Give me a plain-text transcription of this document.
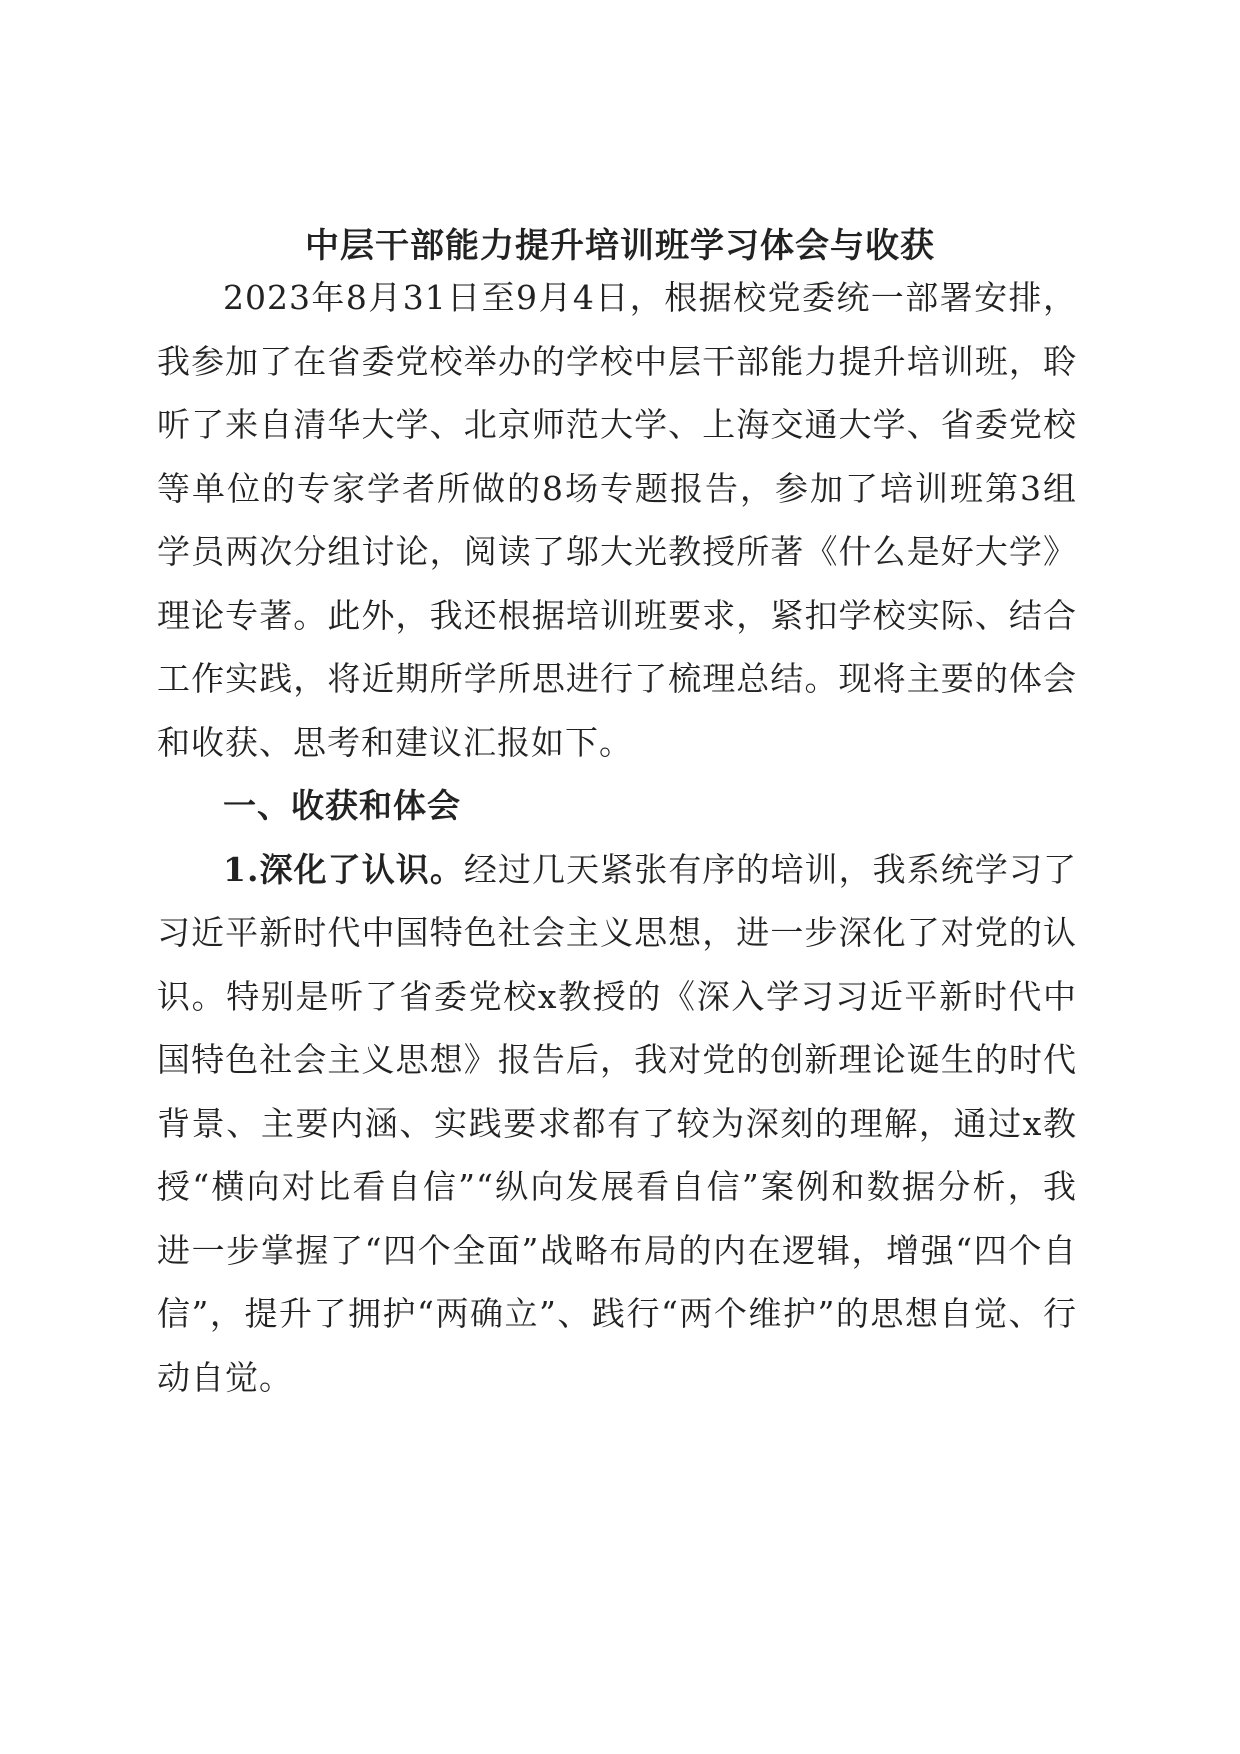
中层干部能力提升培训班学习体会与收获

2023年8月31日至9月4日，根据校党委统一部署安排，我参加了在省委党校举办的学校中层干部能力提升培训班，聆听了来自清华大学、北京师范大学、上海交通大学、省委党校等单位的专家学者所做的8场专题报告，参加了培训班第3组学员两次分组讨论，阅读了邬大光教授所著《什么是好大学》理论专著。此外，我还根据培训班要求，紧扣学校实际、结合工作实践，将近期所学所思进行了梳理总结。现将主要的体会和收获、思考和建议汇报如下。

一、收获和体会

1.深化了认识。经过几天紧张有序的培训，我系统学习了习近平新时代中国特色社会主义思想，进一步深化了对党的认识。特别是听了省委党校x教授的《深入学习习近平新时代中国特色社会主义思想》报告后，我对党的创新理论诞生的时代背景、主要内涵、实践要求都有了较为深刻的理解，通过x教授“横向对比看自信”“纵向发展看自信”案例和数据分析，我进一步掌握了“四个全面”战略布局的内在逻辑，增强“四个自信”，提升了拥护“两确立”、践行“两个维护”的思想自觉、行动自觉。
